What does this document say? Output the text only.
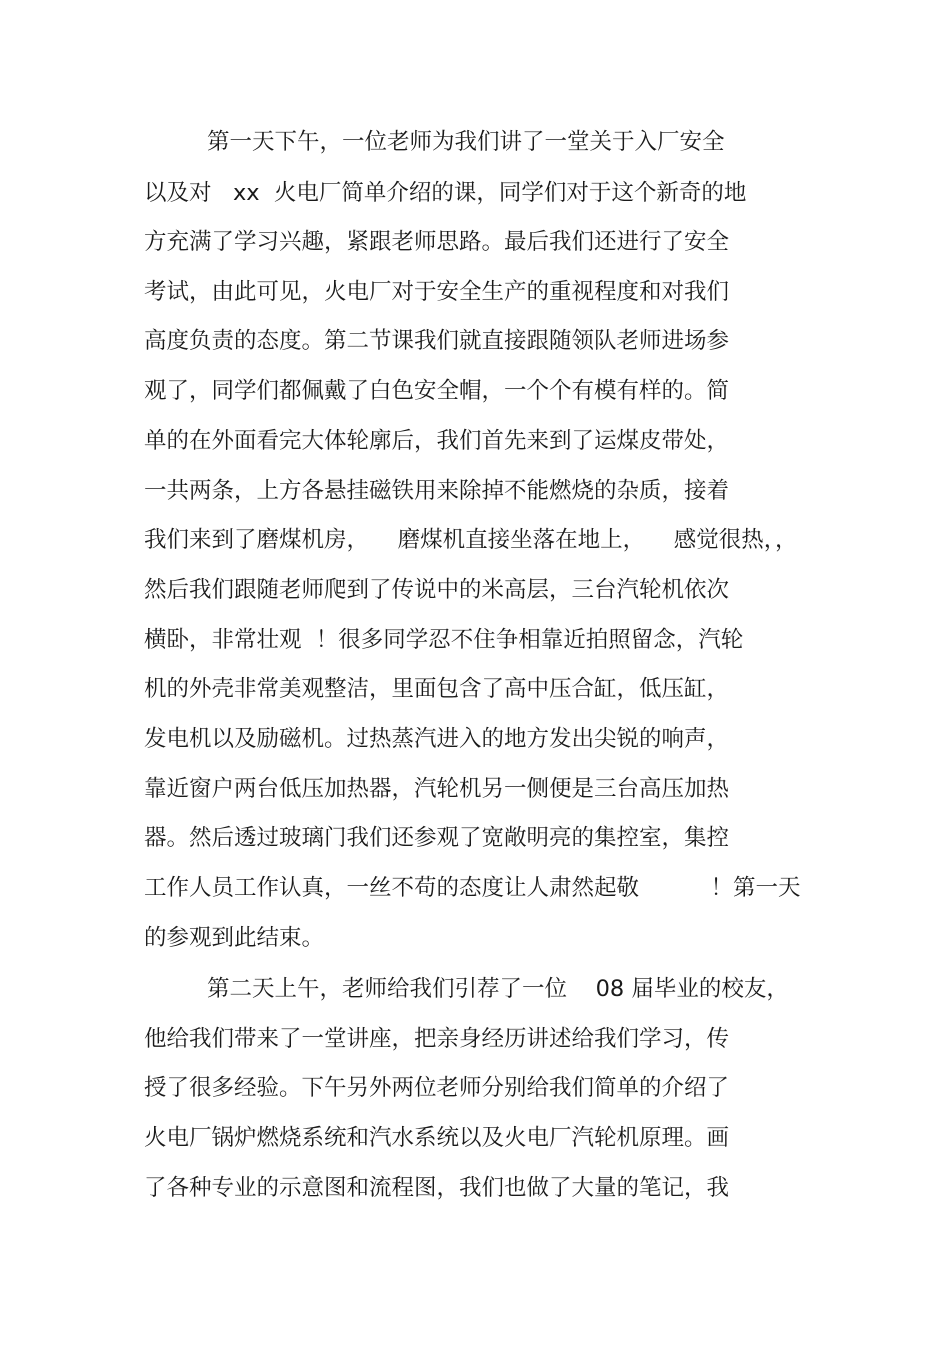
第一天下午，一位老师为我们讲了一堂关于入厂安全
以及对   xx  火电厂简单介绍的课，同学们对于这个新奇的地
方充满了学习兴趣，紧跟老师思路。最后我们还进行了安全
考试，由此可见，火电厂对于安全生产的重视程度和对我们
高度负责的态度。第二节课我们就直接跟随领队老师进场参
观了，同学们都佩戴了白色安全帽，一个个有模有样的。简
单的在外面看完大体轮廓后，我们首先来到了运煤皮带处，
一共两条，上方各悬挂磁铁用来除掉不能燃烧的杂质，接着
我们来到了磨煤机房，    磨煤机直接坐落在地上，    感觉很热，，
然后我们跟随老师爬到了传说中的米高层，三台汽轮机依次
横卧，非常壮观  ！很多同学忍不住争相靠近拍照留念，汽轮
机的外壳非常美观整洁，里面包含了高中压合缸，低压缸，
发电机以及励磁机。过热蒸汽进入的地方发出尖锐的响声，
靠近窗户两台低压加热器，汽轮机另一侧便是三台高压加热
器。然后透过玻璃门我们还参观了宽敞明亮的集控室，集控
工作人员工作认真，一丝不苟的态度让人肃然起敬          ！第一天
的参观到此结束。
第二天上午，老师给我们引荐了一位    08 届毕业的校友，
他给我们带来了一堂讲座，把亲身经历讲述给我们学习，传
授了很多经验。下午另外两位老师分别给我们简单的介绍了
火电厂锅炉燃烧系统和汽水系统以及火电厂汽轮机原理。画
了各种专业的示意图和流程图，我们也做了大量的笔记，我
